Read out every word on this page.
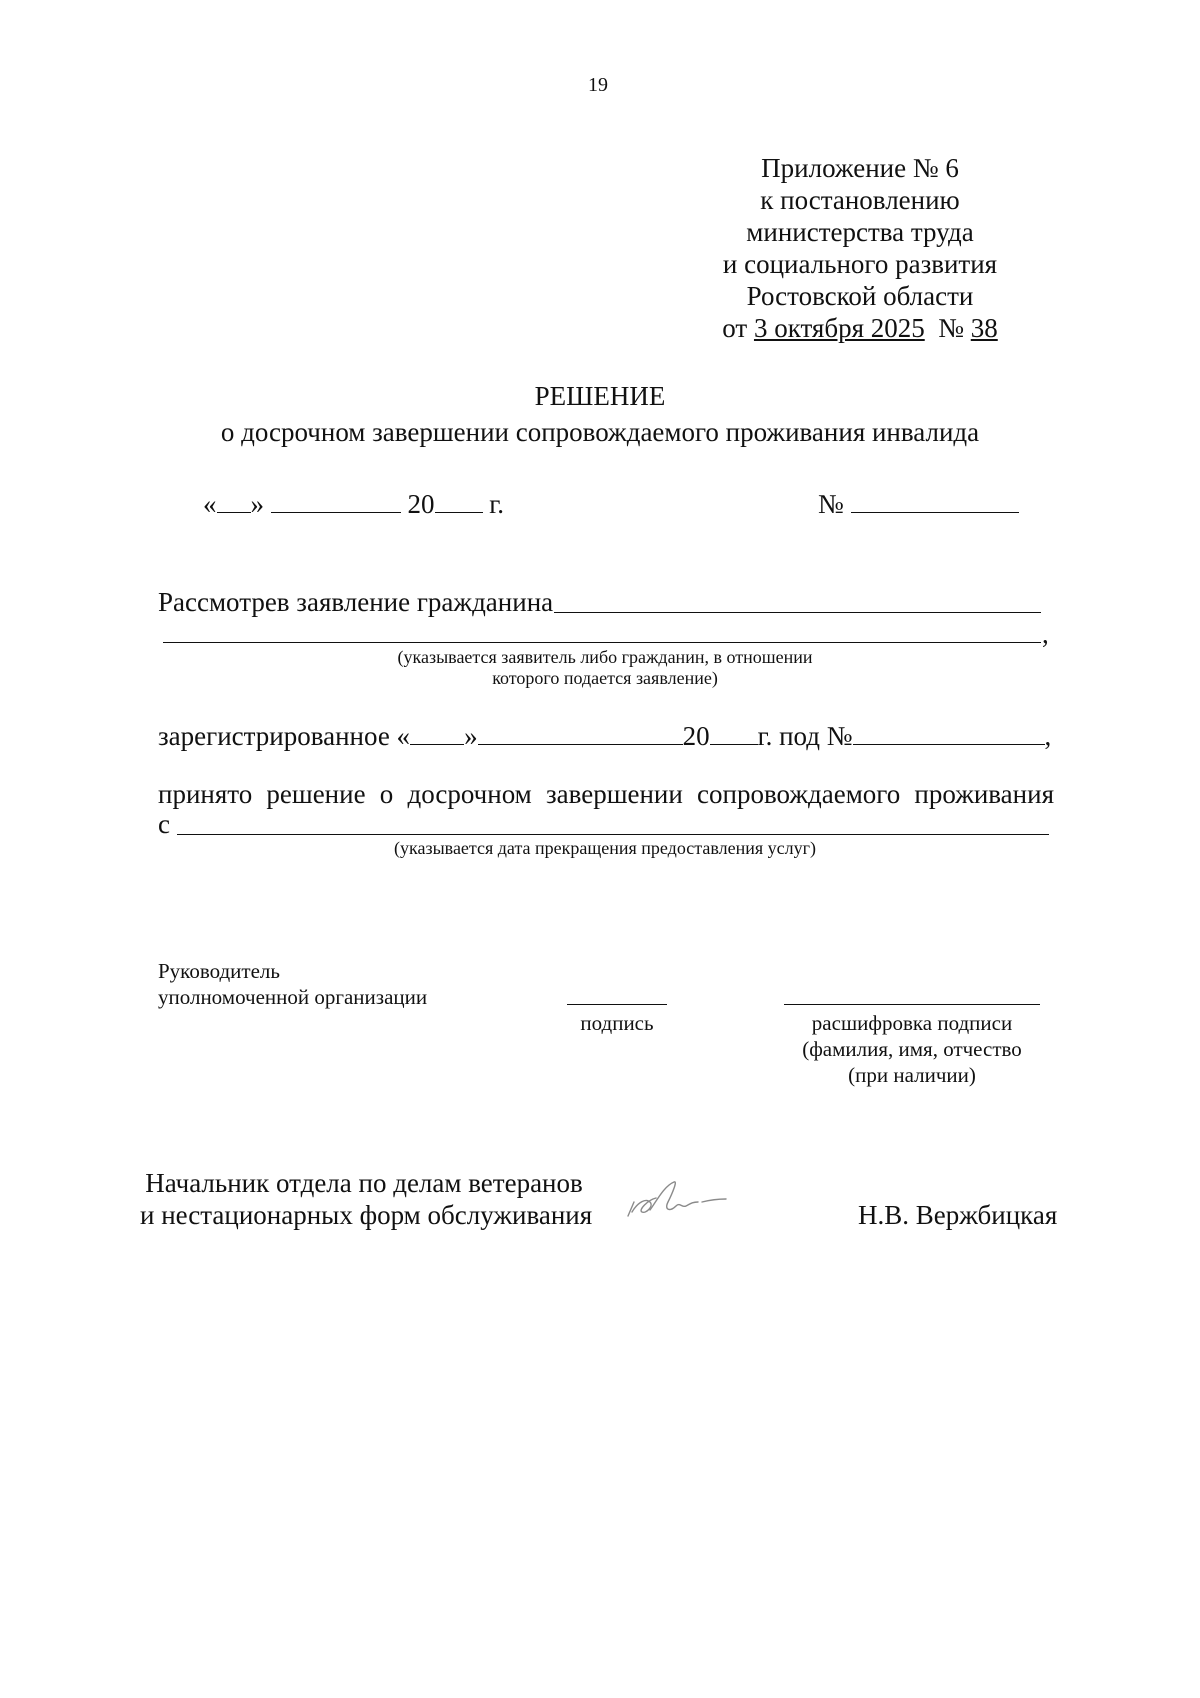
19
Приложение № 6
к постановлению
министерства труда
и социального развития
Ростовской области
от 3 октября 2025 № 38
РЕШЕНИЕ
о досрочном завершении сопровождаемого проживания инвалида
« »	20 г.	№
Рассмотрев заявление гражданина
,
(указывается заявитель либо гражданин, в отношении
которого подается заявление)
зарегистрированное « »	20 г. под №	,
принято решение о досрочном завершении сопровождаемого проживания
с
(указывается дата прекращения предоставления услуг)
Руководитель
уполномоченной организации
подпись	расшифровка подписи
(фамилия, имя, отчество
(при наличии)
Начальник отдела по делам ветеранов
и нестационарных форм обслуживания	Н.В. Вержбицкая
